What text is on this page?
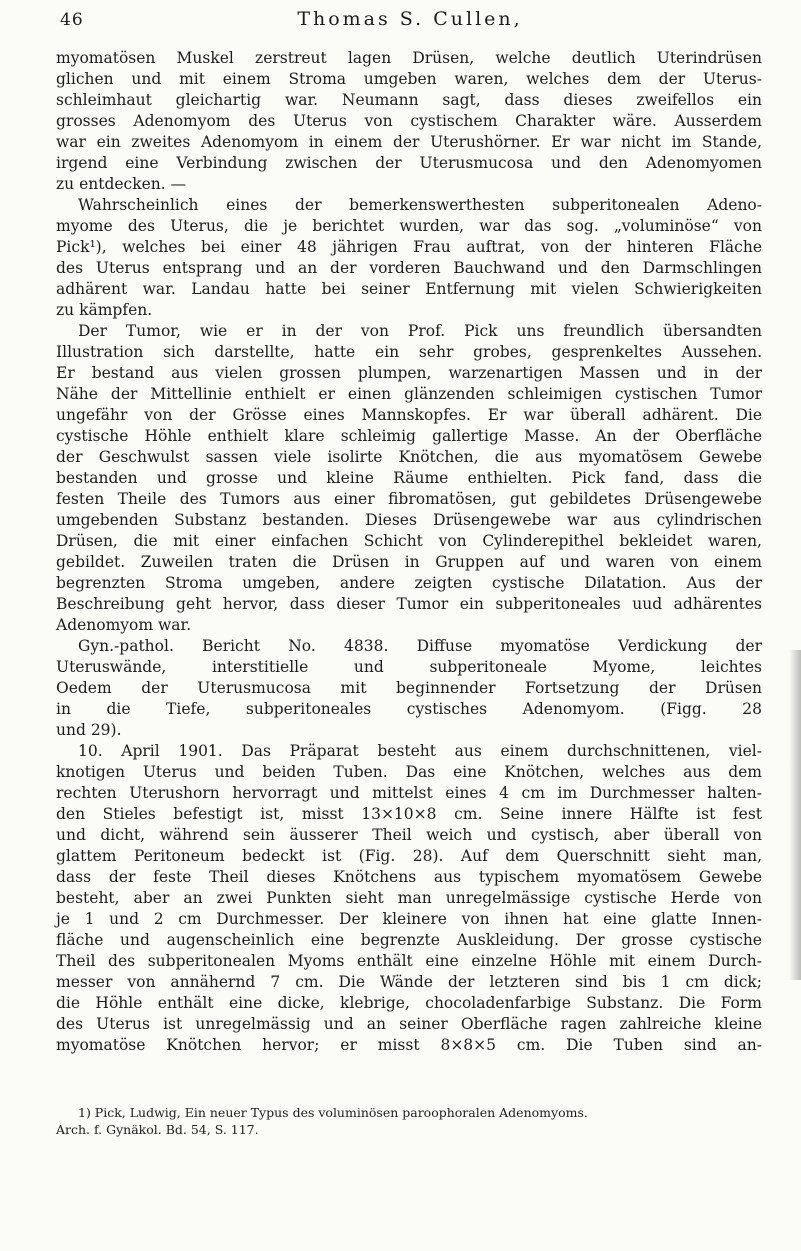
46	Thomas S. Cullen,
myomatösen Muskel zerstreut lagen Drüsen, welche deutlich Uterindrüsen
glichen und mit einem Stroma umgeben waren, welches dem der Uterus-
schleimhaut gleichartig war. Neumann sagt, dass dieses zweifellos ein
grosses Adenomyom des Uterus von cystischem Charakter wäre. Ausserdem
war ein zweites Adenomyom in einem der Uterushörner. Er war nicht im Stande,
irgend eine Verbindung zwischen der Uterusmucosa und den Adenomyomen
zu entdecken. —
Wahrscheinlich eines der bemerkenswerthesten subperitonealen Adeno-
myome des Uterus, die je berichtet wurden, war das sog. „voluminöse“ von
Pick¹), welches bei einer 48 jährigen Frau auftrat, von der hinteren Fläche
des Uterus entsprang und an der vorderen Bauchwand und den Darmschlingen
adhärent war. Landau hatte bei seiner Entfernung mit vielen Schwierigkeiten
zu kämpfen.
Der Tumor, wie er in der von Prof. Pick uns freundlich übersandten
Illustration sich darstellte, hatte ein sehr grobes, gesprenkeltes Aussehen.
Er bestand aus vielen grossen plumpen, warzenartigen Massen und in der
Nähe der Mittellinie enthielt er einen glänzenden schleimigen cystischen Tumor
ungefähr von der Grösse eines Mannskopfes. Er war überall adhärent. Die
cystische Höhle enthielt klare schleimig gallertige Masse. An der Oberfläche
der Geschwulst sassen viele isolirte Knötchen, die aus myomatösem Gewebe
bestanden und grosse und kleine Räume enthielten. Pick fand, dass die
festen Theile des Tumors aus einer fibromatösen, gut gebildetes Drüsengewebe
umgebenden Substanz bestanden. Dieses Drüsengewebe war aus cylindrischen
Drüsen, die mit einer einfachen Schicht von Cylinderepithel bekleidet waren,
gebildet. Zuweilen traten die Drüsen in Gruppen auf und waren von einem
begrenzten Stroma umgeben, andere zeigten cystische Dilatation. Aus der
Beschreibung geht hervor, dass dieser Tumor ein subperitoneales uud adhärentes
Adenomyom war.
Gyn.-pathol. Bericht No. 4838. Diffuse myomatöse Verdickung der
Uteruswände, interstitielle und subperitoneale Myome, leichtes
Oedem der Uterusmucosa mit beginnender Fortsetzung der Drüsen
in die Tiefe, subperitoneales cystisches Adenomyom. (Figg. 28
und 29).
10. April 1901. Das Präparat besteht aus einem durchschnittenen, viel-
knotigen Uterus und beiden Tuben. Das eine Knötchen, welches aus dem
rechten Uterushorn hervorragt und mittelst eines 4 cm im Durchmesser halten-
den Stieles befestigt ist, misst 13×10×8 cm. Seine innere Hälfte ist fest
und dicht, während sein äusserer Theil weich und cystisch, aber überall von
glattem Peritoneum bedeckt ist (Fig. 28). Auf dem Querschnitt sieht man,
dass der feste Theil dieses Knötchens aus typischem myomatösem Gewebe
besteht, aber an zwei Punkten sieht man unregelmässige cystische Herde von
je 1 und 2 cm Durchmesser. Der kleinere von ihnen hat eine glatte Innen-
fläche und augenscheinlich eine begrenzte Auskleidung. Der grosse cystische
Theil des subperitonealen Myoms enthält eine einzelne Höhle mit einem Durch-
messer von annähernd 7 cm. Die Wände der letzteren sind bis 1 cm dick;
die Höhle enthält eine dicke, klebrige, chocoladenfarbige Substanz. Die Form
des Uterus ist unregelmässig und an seiner Oberfläche ragen zahlreiche kleine
myomatöse Knötchen hervor; er misst 8×8×5 cm. Die Tuben sind an-
1) Pick, Ludwig, Ein neuer Typus des voluminösen paroophoralen Adenomyoms.
Arch. f. Gynäkol. Bd. 54, S. 117.
